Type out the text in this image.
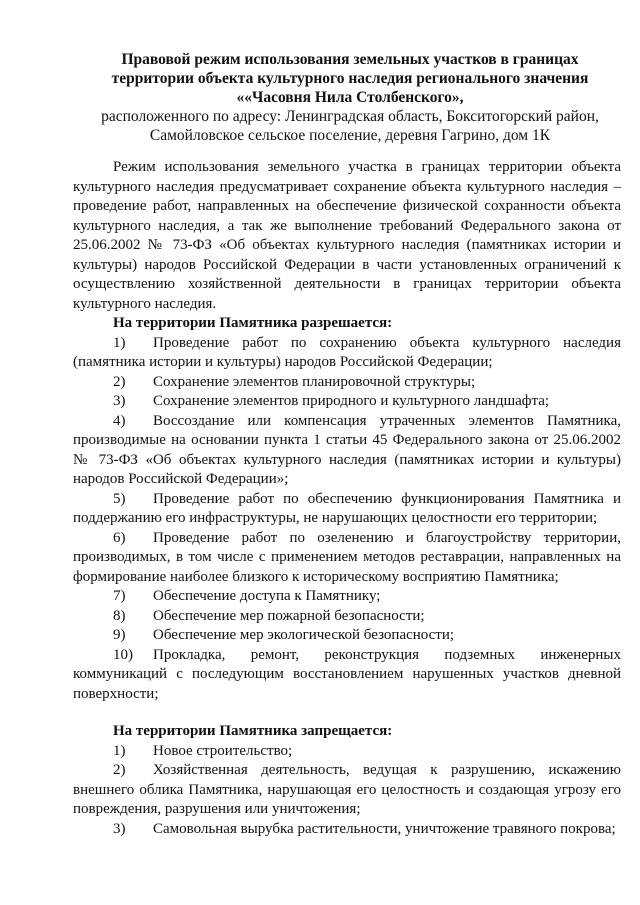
Правовой режим использования земельных участков в границах
территории объекта культурного наследия регионального значения
««Часовня Нила Столбенского»,
расположенного по адресу: Ленинградская область, Бокситогорский район,
Самойловское сельское поселение, деревня Гагрино, дом 1К

Режим использования земельного участка в границах территории объекта культурного наследия предусматривает сохранение объекта культурного наследия – проведение работ, направленных на обеспечение физической сохранности объекта культурного наследия, а так же выполнение требований Федерального закона от 25.06.2002 № 73-ФЗ «Об объектах культурного наследия (памятниках истории и культуры) народов Российской Федерации в части установленных ограничений к осуществлению хозяйственной деятельности в границах территории объекта культурного наследия.

На территории Памятника разрешается:

1) Проведение работ по сохранению объекта культурного наследия (памятника истории и культуры) народов Российской Федерации;

2) Сохранение элементов планировочной структуры;

3) Сохранение элементов природного и культурного ландшафта;

4) Воссоздание или компенсация утраченных элементов Памятника, производимые на основании пункта 1 статьи 45 Федерального закона от 25.06.2002 № 73-ФЗ «Об объектах культурного наследия (памятниках истории и культуры) народов Российской Федерации»;

5) Проведение работ по обеспечению функционирования Памятника и поддержанию его инфраструктуры, не нарушающих целостности его территории;

6) Проведение работ по озеленению и благоустройству территории, производимых, в том числе с применением методов реставрации, направленных на формирование наиболее близкого к историческому восприятию Памятника;

7) Обеспечение доступа к Памятнику;

8) Обеспечение мер пожарной безопасности;

9) Обеспечение мер экологической безопасности;

10) Прокладка, ремонт, реконструкция подземных инженерных коммуникаций с последующим восстановлением нарушенных участков дневной поверхности;

На территории Памятника запрещается:

1) Новое строительство;

2) Хозяйственная деятельность, ведущая к разрушению, искажению внешнего облика Памятника, нарушающая его целостность и создающая угрозу его повреждения, разрушения или уничтожения;

3) Самовольная вырубка растительности, уничтожение травяного покрова;
